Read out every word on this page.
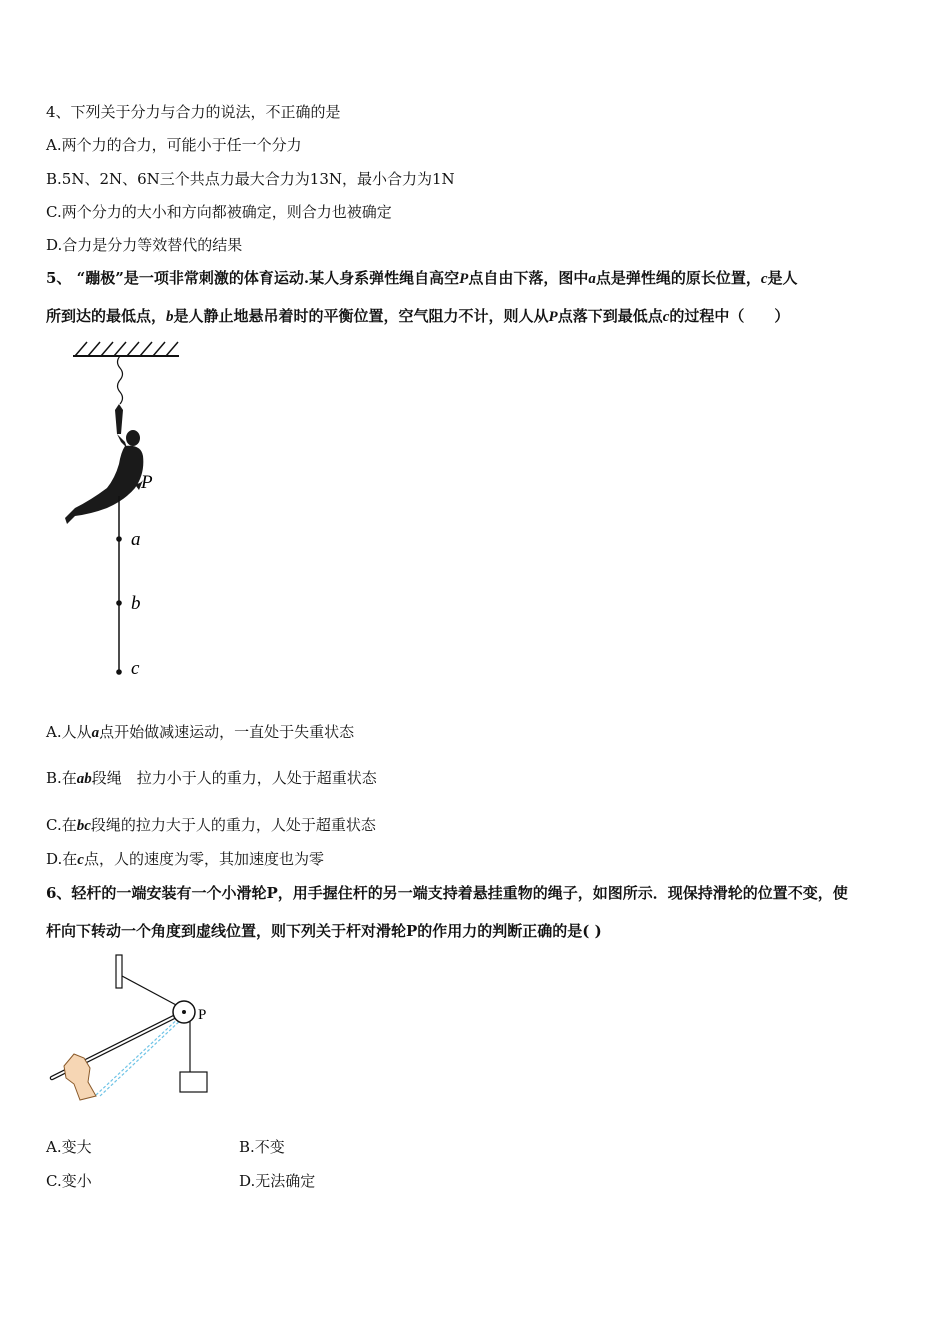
4、下列关于分力与合力的说法，不正确的是
A.两个力的合力，可能小于任一个分力
B.5N、2N、6N三个共点力最大合力为13N，最小合力为1N
C.两个分力的大小和方向都被确定，则合力也被确定
D.合力是分力等效替代的结果
5、 “蹦极”是一项非常刺激的体育运动.某人身系弹性绳自高空P点自由下落，图中a点是弹性绳的原长位置，c是人
所到达的最低点，b是人静止地悬吊着时的平衡位置，空气阻力不计，则人从P点落下到最低点c的过程中（　　）
P
a
b
c
A.人从a点开始做减速运动，一直处于失重状态
B.在ab段绳　拉力小于人的重力，人处于超重状态
C.在bc段绳的拉力大于人的重力，人处于超重状态
D.在c点，人的速度为零，其加速度也为零
6、轻杆的一端安装有一个小滑轮P，用手握住杆的另一端支持着悬挂重物的绳子，如图所示．现保持滑轮的位置不变，使
杆向下转动一个角度到虚线位置，则下列关于杆对滑轮P的作用力的判断正确的是( )
P
A.变大	B.不变
C.变小	D.无法确定
